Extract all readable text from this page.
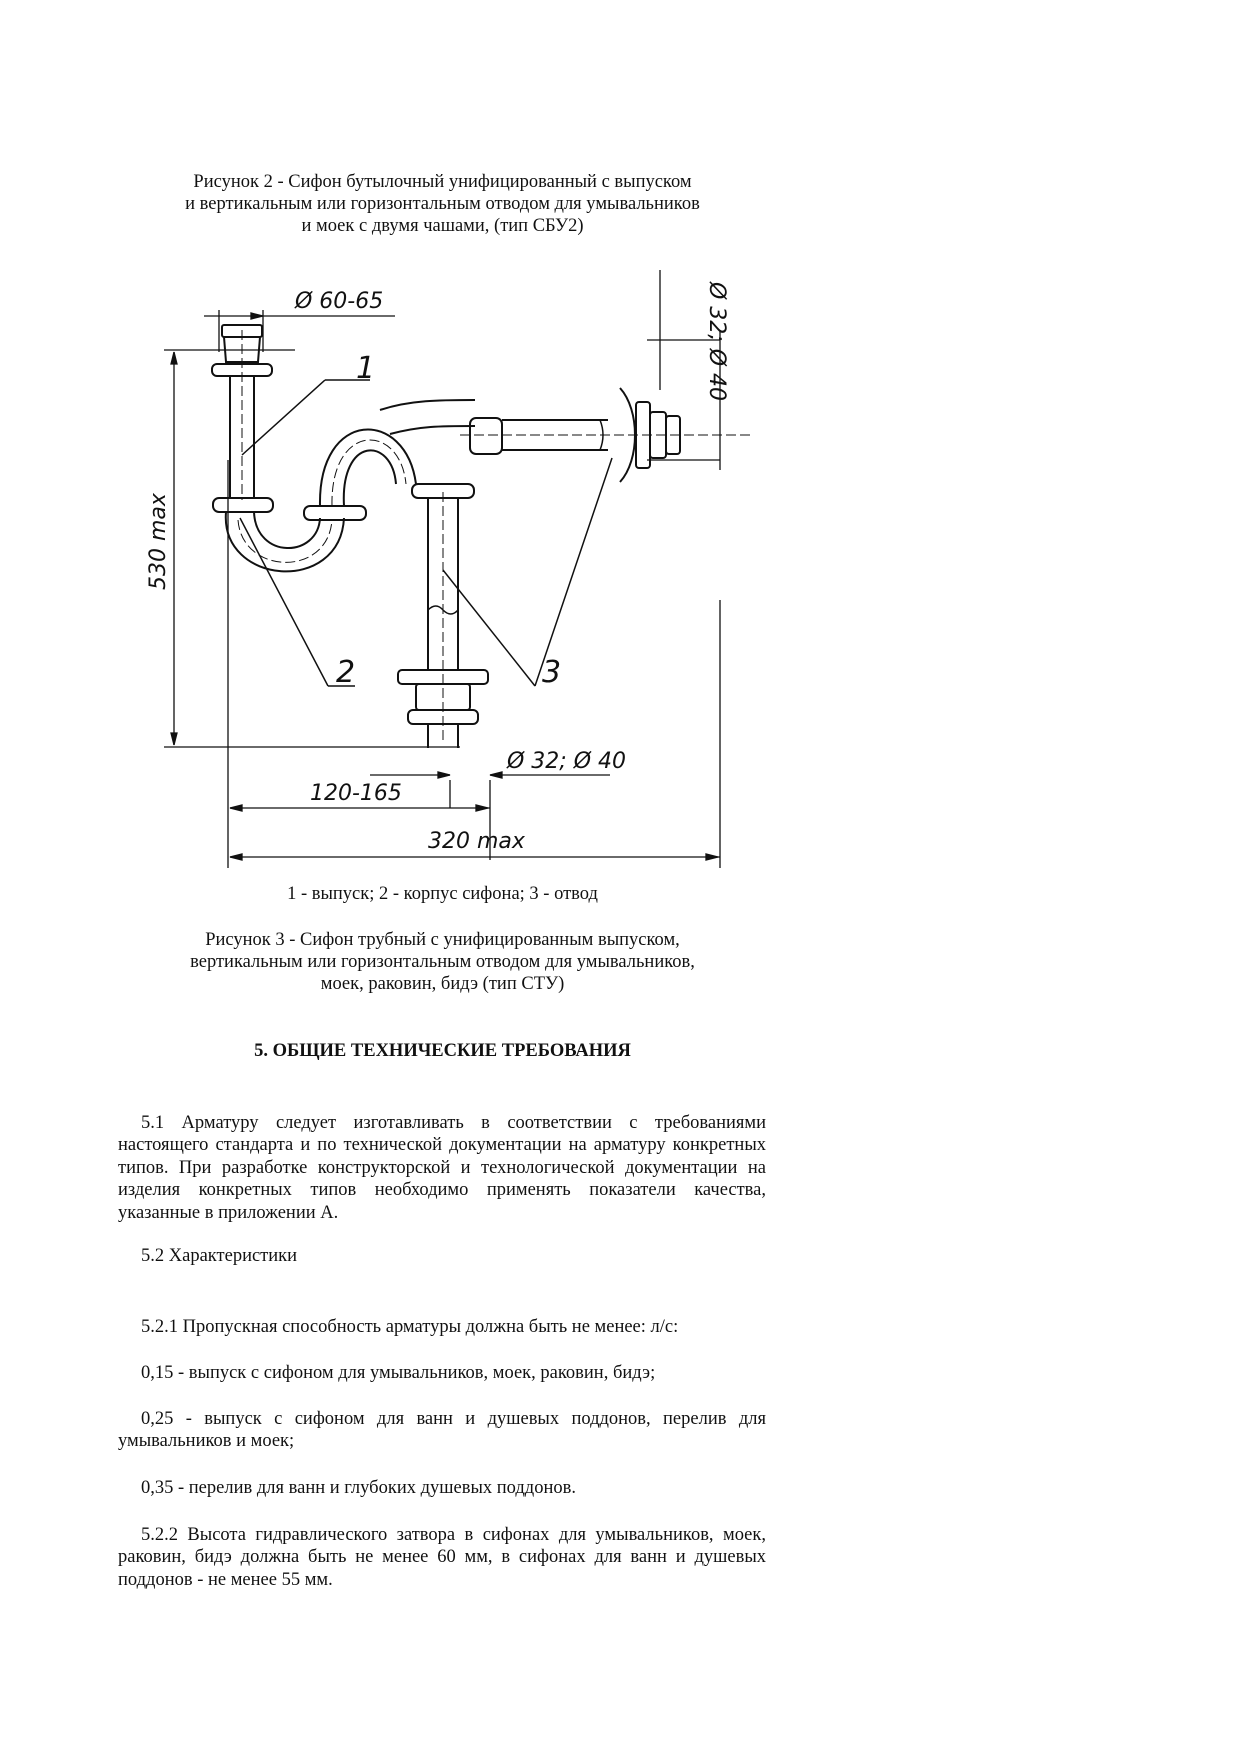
Рисунок 2 - Сифон бутылочный унифицированный с выпуском
и вертикальным или горизонтальным отводом для умывальников
и моек с двумя чашами, (тип СБУ2)
Ø 60-65	Ø 32; Ø 40
530 max
Ø 32; Ø 40
120-165
320 max
1
2	3
1 - выпуск; 2 - корпус сифона; 3 - отвод
Рисунок 3 - Сифон трубный с унифицированным выпуском,
вертикальным или горизонтальным отводом для умывальников,
моек, раковин, бидэ (тип СТУ)
5. ОБЩИЕ ТЕХНИЧЕСКИЕ ТРЕБОВАНИЯ

5.1 Арматуру следует изготавливать в соответствии с требованиями настоящего стандарта и по технической документации на арматуру конкретных типов. При разработке конструкторской и технологической документации на изделия конкретных типов необходимо применять показатели качества, указанные в приложении А.

5.2 Характеристики

5.2.1 Пропускная способность арматуры должна быть не менее: л/с:

0,15 - выпуск с сифоном для умывальников, моек, раковин, бидэ;

0,25 - выпуск с сифоном для ванн и душевых поддонов, перелив для умывальников и моек;

0,35 - перелив для ванн и глубоких душевых поддонов.

5.2.2 Высота гидравлического затвора в сифонах для умывальников, моек, раковин, бидэ должна быть не менее 60 мм, в сифонах для ванн и душевых поддонов - не менее 55 мм.
